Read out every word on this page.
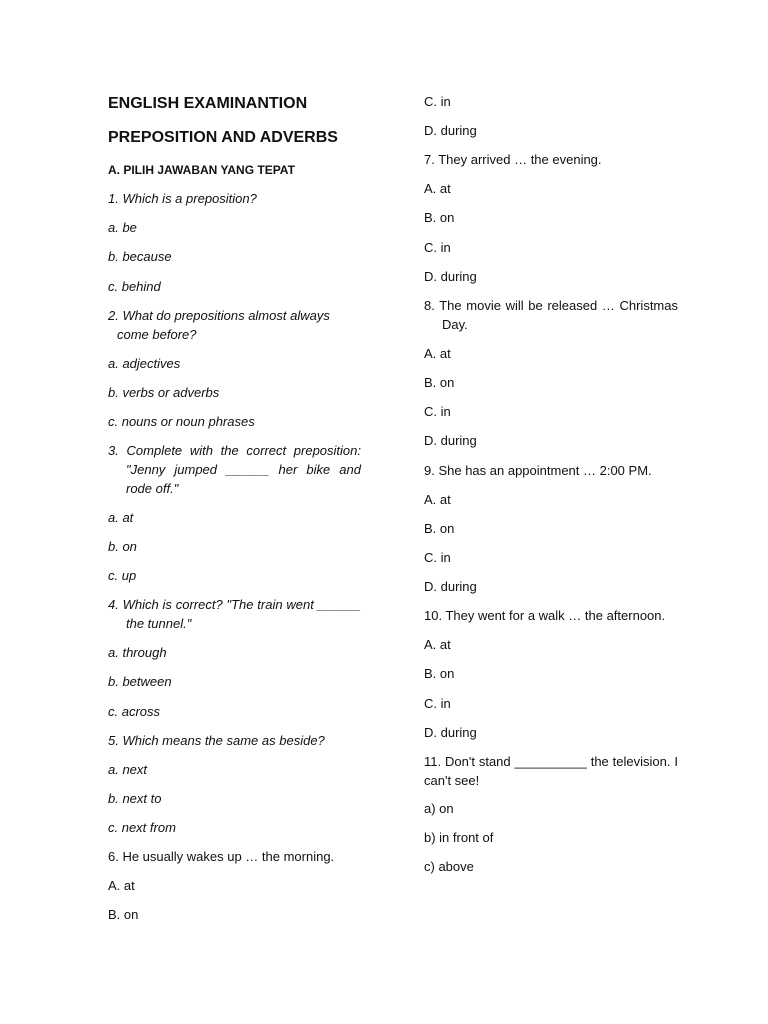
ENGLISH EXAMINANTION

PREPOSITION AND ADVERBS

A. PILIH JAWABAN YANG TEPAT

1. Which is a preposition?

a. be

b. because

c. behind

2. What do prepositions almost always come before?

a. adjectives

b. verbs or adverbs

c. nouns or noun phrases

3. Complete with the correct preposition: "Jenny jumped ______ her bike and rode off."

a. at

b. on

c. up

4. Which is correct? "The train went ______ the tunnel."

a. through

b. between

c. across

5. Which means the same as beside?

a. next

b. next to

c. next from

6. He usually wakes up … the morning.

A. at

B. on

C. in

D. during

7. They arrived … the evening.

A. at

B. on

C. in

D. during

8. The movie will be released … Christmas Day.

A. at

B. on

C. in

D. during

9. She has an appointment … 2:00 PM.

A. at

B. on

C. in

D. during

10. They went for a walk … the afternoon.

A. at

B. on

C. in

D. during

11. Don't stand __________ the television. I can't see!

a) on

b) in front of

c) above
